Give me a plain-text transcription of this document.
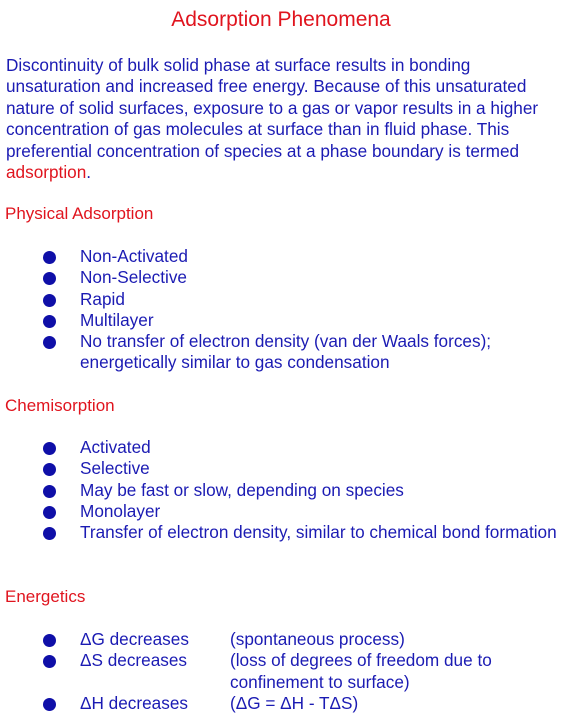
Adsorption Phenomena
Discontinuity of bulk solid phase at surface results in bonding unsaturation and increased free energy. Because of this unsaturated nature of solid surfaces, exposure to a gas or vapor results in a higher concentration of gas molecules at surface than in fluid phase. This preferential concentration of species at a phase boundary is termed adsorption.
Physical Adsorption
Non-Activated
Non-Selective
Rapid
Multilayer
No transfer of electron density (van der Waals forces); energetically similar to gas condensation
Chemisorption
Activated
Selective
May be fast or slow, depending on species
Monolayer
Transfer of electron density, similar to chemical bond formation
Energetics
ΔG decreases (spontaneous process)
ΔS decreases (loss of degrees of freedom due to confinement to surface)
ΔH decreases (ΔG = ΔH - TΔS)
